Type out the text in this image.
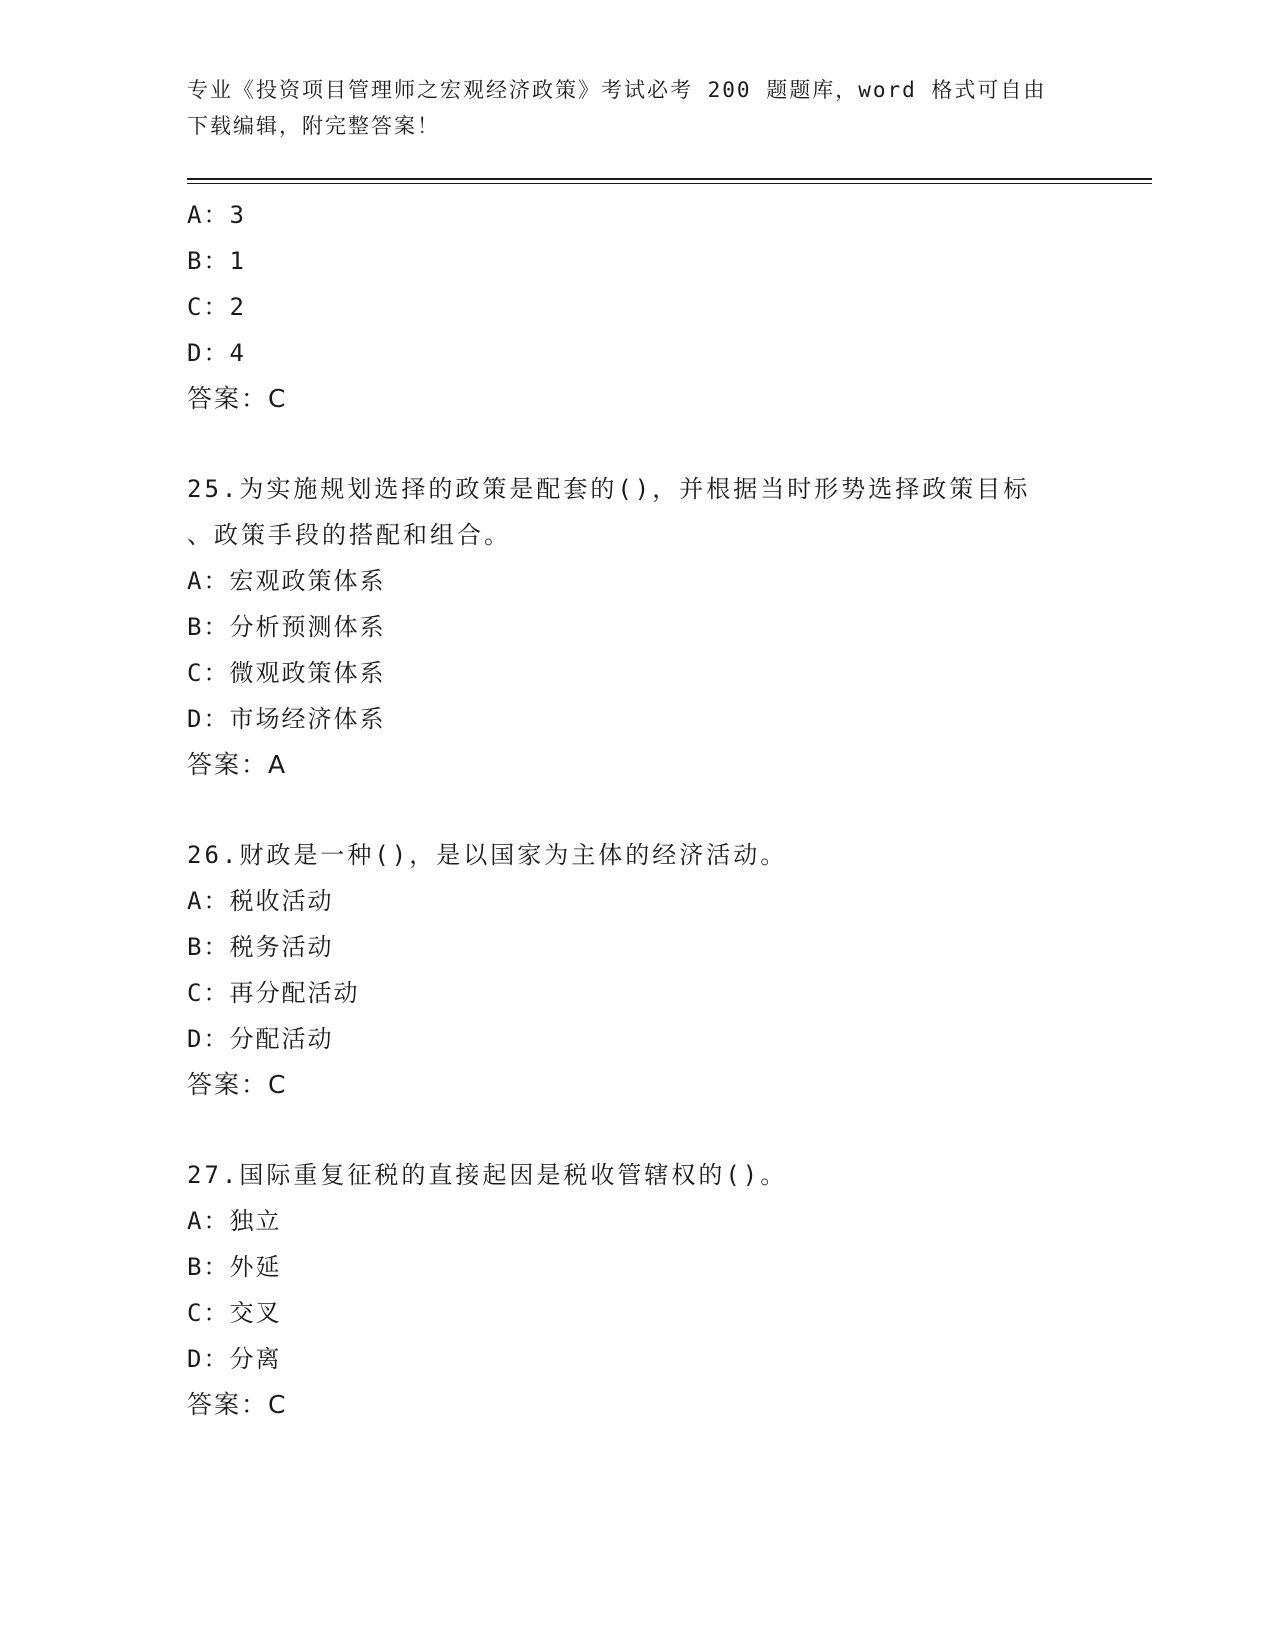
专业《投资项目管理师之宏观经济政策》考试必考 200 题题库，word 格式可自由
下载编辑，附完整答案！
A：3
B：1
C：2
D：4
答案：C
25.为实施规划选择的政策是配套的()，并根据当时形势选择政策目标
、政策手段的搭配和组合。
A：宏观政策体系
B：分析预测体系
C：微观政策体系
D：市场经济体系
答案：A
26.财政是一种()，是以国家为主体的经济活动。
A：税收活动
B：税务活动
C：再分配活动
D：分配活动
答案：C
27.国际重复征税的直接起因是税收管辖权的()。
A：独立
B：外延
C：交叉
D：分离
答案：C
